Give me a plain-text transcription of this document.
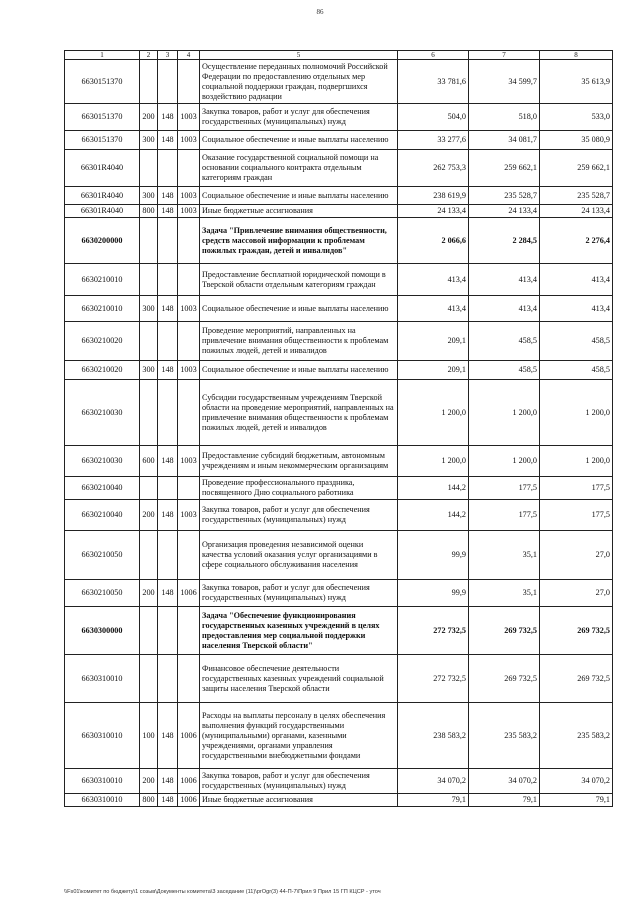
86
1	2	3	4	5	6	7	8
6630151370				Осуществление переданных полномочий Российской Федерации по предоставлению отдельных мер социальной поддержки граждан, подвергшихся воздействию радиации	33 781,6	34 599,7	35 613,9
6630151370	200	148	1003	Закупка товаров, работ и услуг для обеспечения государственных (муниципальных) нужд	504,0	518,0	533,0
6630151370	300	148	1003	Социальное обеспечение и иные выплаты населению	33 277,6	34 081,7	35 080,9
66301R4040				Оказание государственной социальной помощи на основании социального контракта отдельным категориям граждан	262 753,3	259 662,1	259 662,1
66301R4040	300	148	1003	Социальное обеспечение и иные выплаты населению	238 619,9	235 528,7	235 528,7
66301R4040	800	148	1003	Иные бюджетные ассигнования	24 133,4	24 133,4	24 133,4
6630200000				Задача "Привлечение внимания общественности, средств массовой информации к проблемам пожилых граждан, детей и инвалидов"	2 066,6	2 284,5	2 276,4
6630210010				Предоставление бесплатной юридической помощи в Тверской области отдельным категориям граждан	413,4	413,4	413,4
6630210010	300	148	1003	Социальное обеспечение и иные выплаты населению	413,4	413,4	413,4
6630210020				Проведение мероприятий, направленных на привлечение внимания общественности к проблемам пожилых людей, детей и инвалидов	209,1	458,5	458,5
6630210020	300	148	1003	Социальное обеспечение и иные выплаты населению	209,1	458,5	458,5
6630210030				Субсидии государственным учреждениям Тверской области на проведение мероприятий, направленных на привлечение внимания общественности к проблемам пожилых людей, детей и инвалидов	1 200,0	1 200,0	1 200,0
6630210030	600	148	1003	Предоставление субсидий бюджетным, автономным учреждениям и иным некоммерческим организациям	1 200,0	1 200,0	1 200,0
6630210040				Проведение профессионального праздника, посвященного Дню социального работника	144,2	177,5	177,5
6630210040	200	148	1003	Закупка товаров, работ и услуг для обеспечения государственных (муниципальных) нужд	144,2	177,5	177,5
6630210050				Организация проведения независимой оценки качества условий оказания услуг организациями в сфере социального обслуживания населения	99,9	35,1	27,0
6630210050	200	148	1006	Закупка товаров, работ и услуг для обеспечения государственных (муниципальных) нужд	99,9	35,1	27,0
6630300000				Задача "Обеспечение функционирования государственных казенных учреждений в целях предоставления мер социальной поддержки населения Тверской области"	272 732,5	269 732,5	269 732,5
6630310010				Финансовое обеспечение деятельности государственных казенных учреждений социальной защиты населения Тверской области	272 732,5	269 732,5	269 732,5
6630310010	100	148	1006	Расходы на выплаты персоналу в целях обеспечения выполнения функций государственными (муниципальными) органами, казенными учреждениями, органами управления государственными внебюджетными фондами	238 583,2	235 583,2	235 583,2
6630310010	200	148	1006	Закупка товаров, работ и услуг для обеспечения государственных (муниципальных) нужд	34 070,2	34 070,2	34 070,2
6630310010	800	148	1006	Иные бюджетные ассигнования	79,1	79,1	79,1
\\Fs01\комитет по бюджету\1 созыв\Документы комитета\3 заседание (11)\prOgr(3) 44-П-7\Прил 9 Прил 15 ГП КЦСР - уточ
